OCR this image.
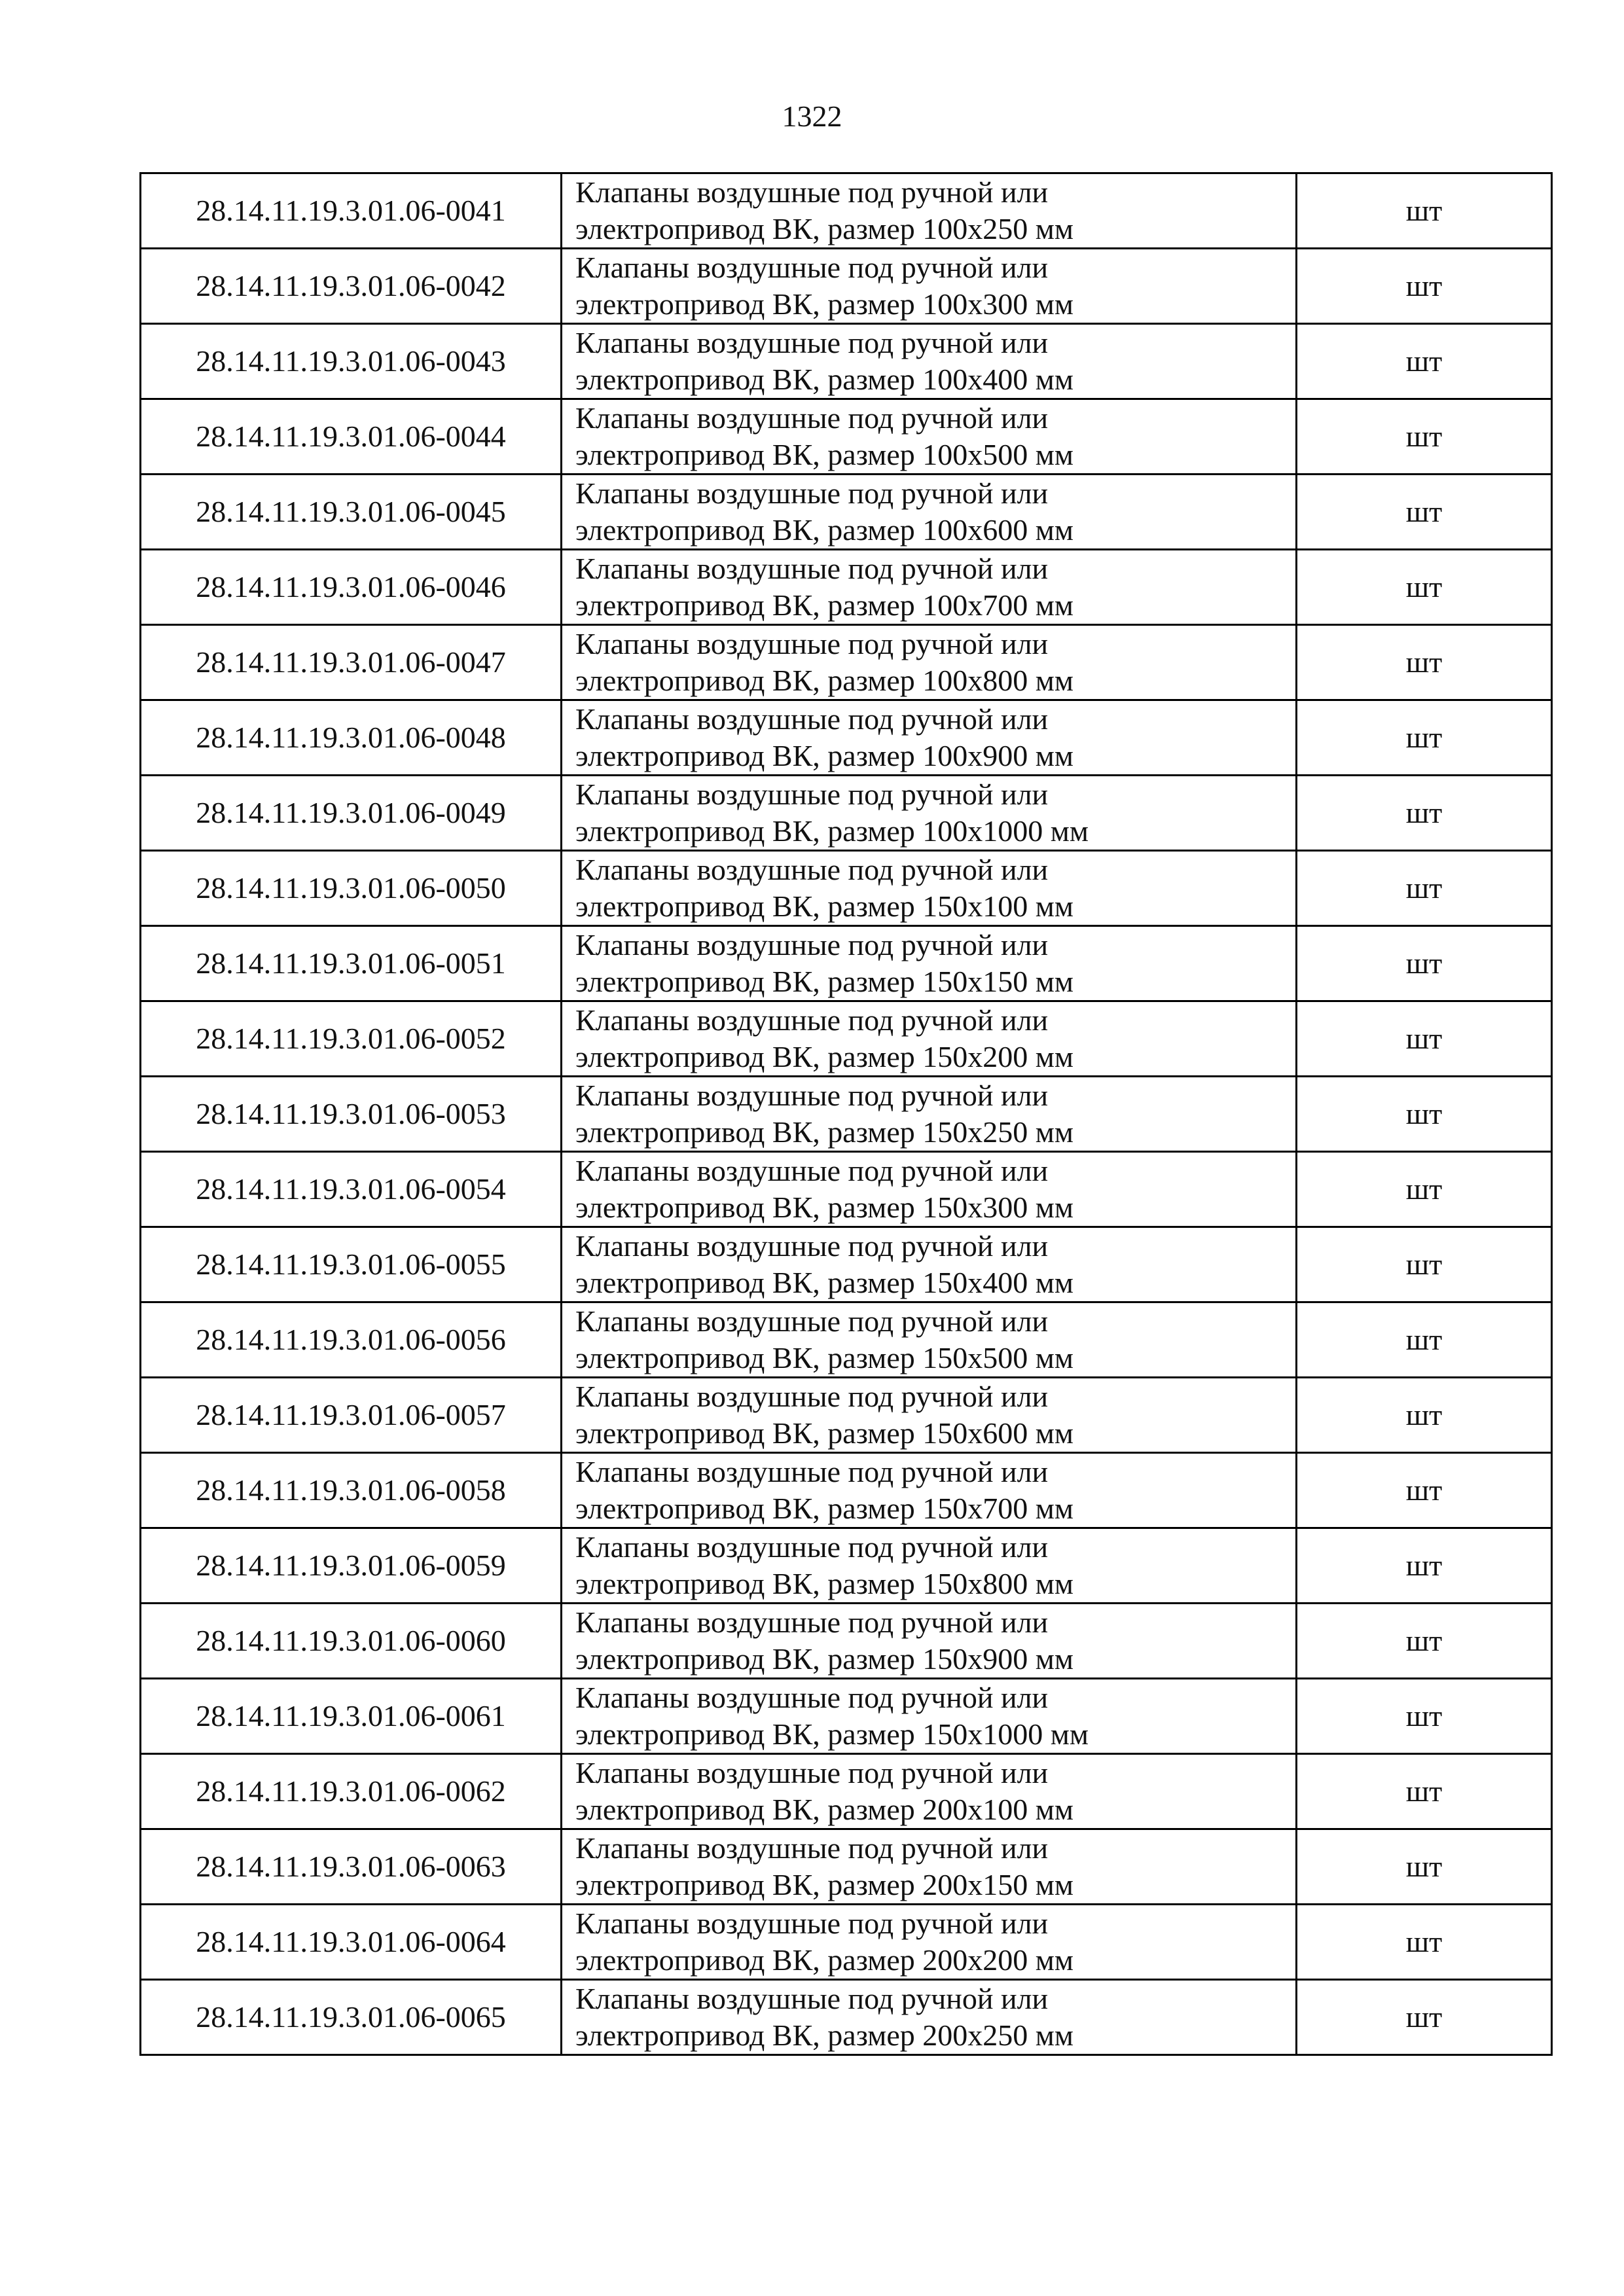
1322
28.14.11.19.3.01.06-0041	Клапаны воздушные под ручной или
электропривод ВК, размер 100х250 мм	шт
28.14.11.19.3.01.06-0042	Клапаны воздушные под ручной или
электропривод ВК, размер 100х300 мм	шт
28.14.11.19.3.01.06-0043	Клапаны воздушные под ручной или
электропривод ВК, размер 100х400 мм	шт
28.14.11.19.3.01.06-0044	Клапаны воздушные под ручной или
электропривод ВК, размер 100х500 мм	шт
28.14.11.19.3.01.06-0045	Клапаны воздушные под ручной или
электропривод ВК, размер 100х600 мм	шт
28.14.11.19.3.01.06-0046	Клапаны воздушные под ручной или
электропривод ВК, размер 100х700 мм	шт
28.14.11.19.3.01.06-0047	Клапаны воздушные под ручной или
электропривод ВК, размер 100х800 мм	шт
28.14.11.19.3.01.06-0048	Клапаны воздушные под ручной или
электропривод ВК, размер 100х900 мм	шт
28.14.11.19.3.01.06-0049	Клапаны воздушные под ручной или
электропривод ВК, размер 100х1000 мм	шт
28.14.11.19.3.01.06-0050	Клапаны воздушные под ручной или
электропривод ВК, размер 150х100 мм	шт
28.14.11.19.3.01.06-0051	Клапаны воздушные под ручной или
электропривод ВК, размер 150х150 мм	шт
28.14.11.19.3.01.06-0052	Клапаны воздушные под ручной или
электропривод ВК, размер 150х200 мм	шт
28.14.11.19.3.01.06-0053	Клапаны воздушные под ручной или
электропривод ВК, размер 150х250 мм	шт
28.14.11.19.3.01.06-0054	Клапаны воздушные под ручной или
электропривод ВК, размер 150х300 мм	шт
28.14.11.19.3.01.06-0055	Клапаны воздушные под ручной или
электропривод ВК, размер 150х400 мм	шт
28.14.11.19.3.01.06-0056	Клапаны воздушные под ручной или
электропривод ВК, размер 150х500 мм	шт
28.14.11.19.3.01.06-0057	Клапаны воздушные под ручной или
электропривод ВК, размер 150х600 мм	шт
28.14.11.19.3.01.06-0058	Клапаны воздушные под ручной или
электропривод ВК, размер 150х700 мм	шт
28.14.11.19.3.01.06-0059	Клапаны воздушные под ручной или
электропривод ВК, размер 150х800 мм	шт
28.14.11.19.3.01.06-0060	Клапаны воздушные под ручной или
электропривод ВК, размер 150х900 мм	шт
28.14.11.19.3.01.06-0061	Клапаны воздушные под ручной или
электропривод ВК, размер 150х1000 мм	шт
28.14.11.19.3.01.06-0062	Клапаны воздушные под ручной или
электропривод ВК, размер 200х100 мм	шт
28.14.11.19.3.01.06-0063	Клапаны воздушные под ручной или
электропривод ВК, размер 200х150 мм	шт
28.14.11.19.3.01.06-0064	Клапаны воздушные под ручной или
электропривод ВК, размер 200х200 мм	шт
28.14.11.19.3.01.06-0065	Клапаны воздушные под ручной или
электропривод ВК, размер 200х250 мм	шт
